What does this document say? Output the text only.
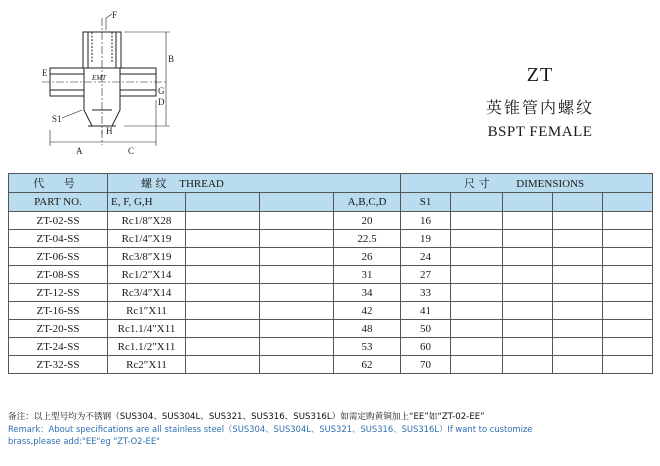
F
E
B
D
G
S1
H
A	C
EMT	ZT
英锥管内螺纹
BSPT FEMALE
代 号	螺 纹 THREAD				尺 寸 DIMENSIONS				
PART NO.	E, F, G,H			A,B,C,D	S1				
ZT-02-SS	Rc1/8″X28			20	16				
ZT-04-SS	Rc1/4″X19			22.5	19				
ZT-06-SS	Rc3/8″X19			26	24				
ZT-08-SS	Rc1/2″X14			31	27				
ZT-12-SS	Rc3/4″X14			34	33				
ZT-16-SS	Rc1″X11			42	41				
ZT-20-SS	Rc1.1/4″X11			48	50				
ZT-24-SS	Rc1.1/2″X11			53	60				
ZT-32-SS	Rc2″X11			62	70				
备注：以上型号均为不锈钢（SUS304、SUS304L、SUS321、SUS316、SUS316L）如需定购黄铜加上“EE”如“ZT-02-EE”
Remark：About specifications are all stainless steel（SUS304、SUS304L、SUS321、SUS316、SUS316L）If want to customize
brass,please add:"EE"eg "ZT-O2-EE"
